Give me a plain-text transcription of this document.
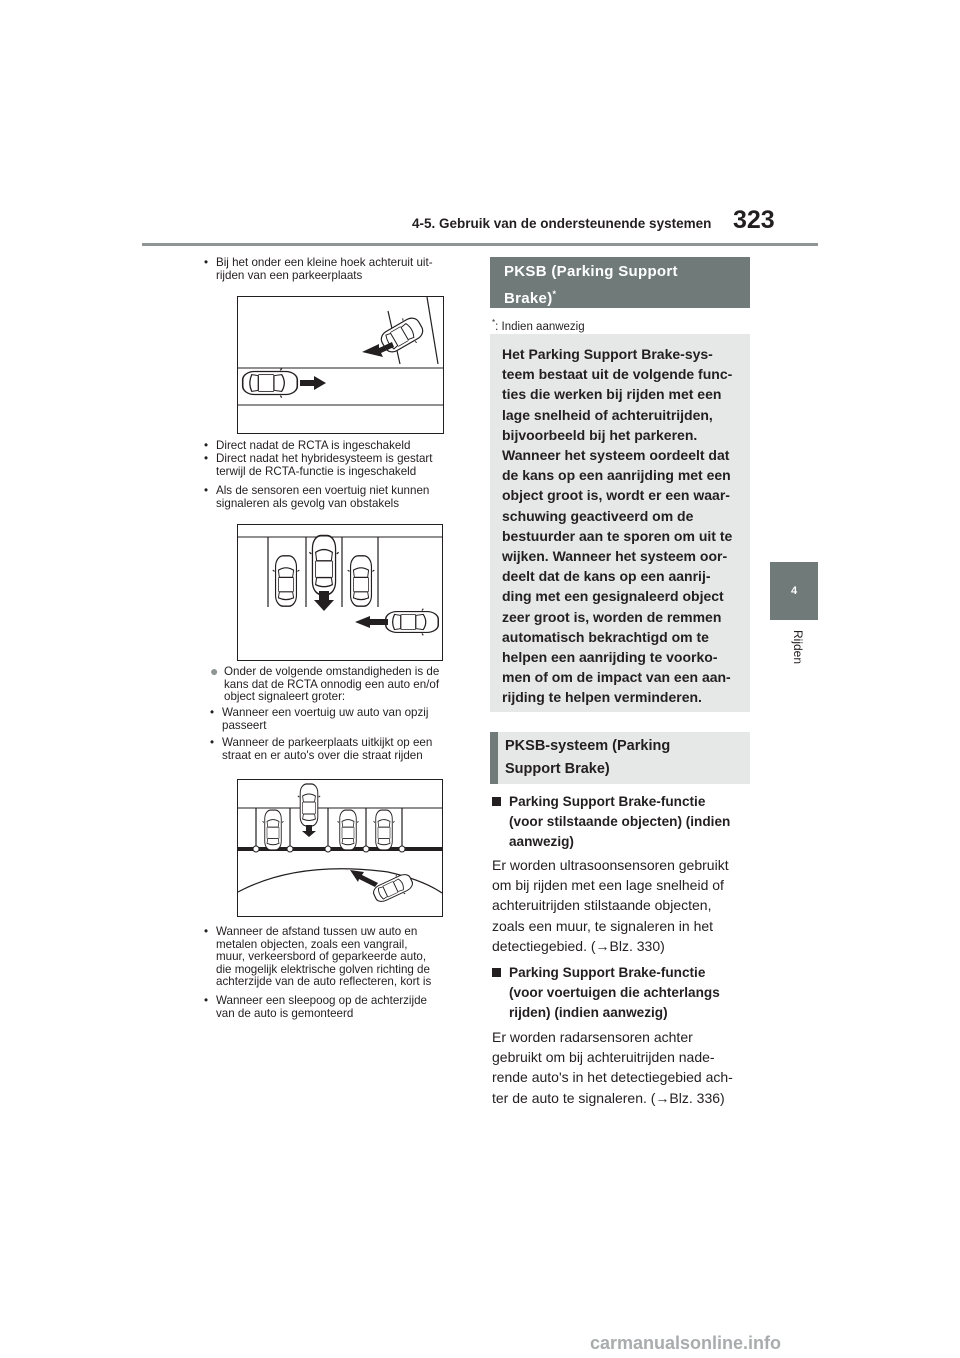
4-5. Gebruik van de ondersteunende systemen 323
4
Rijden
• Bij het onder een kleine hoek achteruit uit-
rijden van een parkeerplaats
• Direct nadat de RCTA is ingeschakeld
• Direct nadat het hybridesysteem is gestart
terwijl de RCTA-functie is ingeschakeld
• Als de sensoren een voertuig niet kunnen
signaleren als gevolg van obstakels
● Onder de volgende omstandigheden is de
kans dat de RCTA onnodig een auto en/of
object signaleert groter:
• Wanneer een voertuig uw auto van opzij
passeert
• Wanneer de parkeerplaats uitkijkt op een
straat en er auto's over die straat rijden
• Wanneer de afstand tussen uw auto en
metalen objecten, zoals een vangrail,
muur, verkeersbord of geparkeerde auto,
die mogelijk elektrische golven richting de
achterzijde van de auto reflecteren, kort is
• Wanneer een sleepoog op de achterzijde
van de auto is gemonteerd
PKSB (Parking Support
Brake)*
*: Indien aanwezig
Het Parking Support Brake-sys-
teem bestaat uit de volgende func-
ties die werken bij rijden met een
lage snelheid of achteruitrijden,
bijvoorbeeld bij het parkeren.
Wanneer het systeem oordeelt dat
de kans op een aanrijding met een
object groot is, wordt er een waar-
schuwing geactiveerd om de
bestuurder aan te sporen om uit te
wijken. Wanneer het systeem oor-
deelt dat de kans op een aanrij-
ding met een gesignaleerd object
zeer groot is, worden de remmen
automatisch bekrachtigd om te
helpen een aanrijding te voorko-
men of om de impact van een aan-
rijding te helpen verminderen.
PKSB-systeem (Parking
Support Brake)
Parking Support Brake-functie
(voor stilstaande objecten) (indien
aanwezig)
Er worden ultrasoonsensoren gebruikt
om bij rijden met een lage snelheid of
achteruitrijden stilstaande objecten,
zoals een muur, te signaleren in het
detectiegebied. (→Blz. 330)
Parking Support Brake-functie
(voor voertuigen die achterlangs
rijden) (indien aanwezig)
Er worden radarsensoren achter
gebruikt om bij achteruitrijden nade-
rende auto's in het detectiegebied ach-
ter de auto te signaleren. (→Blz. 336)
carmanualsonline.info
